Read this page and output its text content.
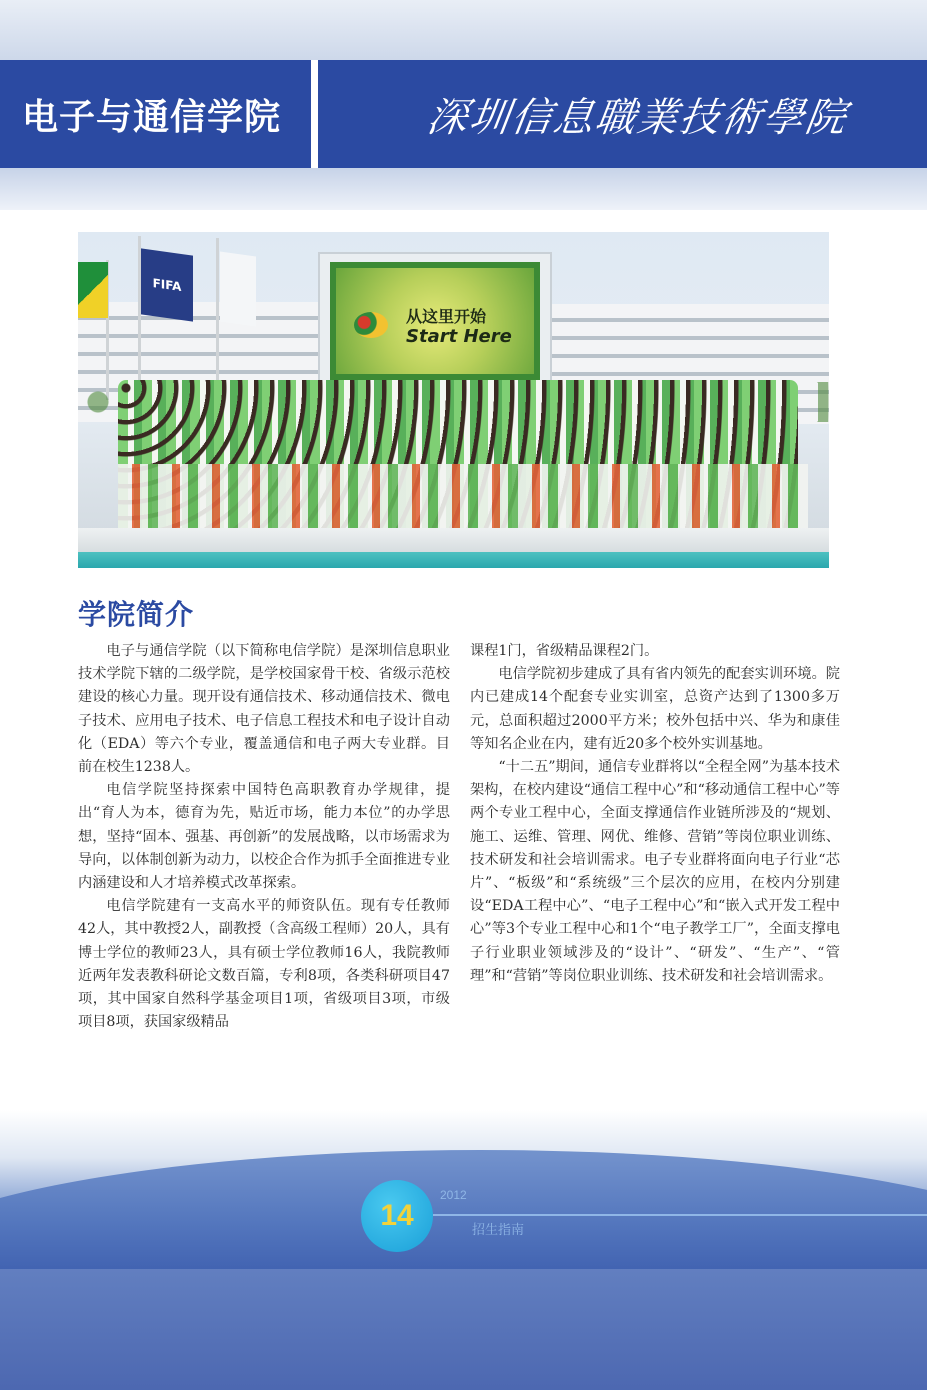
电子与通信学院	深圳信息職業技術學院
从这里开始
Start Here
FIFA
学院简介

电子与通信学院（以下简称电信学院）是深圳信息职业技术学院下辖的二级学院，是学校国家骨干校、省级示范校建设的核心力量。现开设有通信技术、移动通信技术、微电子技术、应用电子技术、电子信息工程技术和电子设计自动化（EDA）等六个专业，覆盖通信和电子两大专业群。目前在校生1238人。

电信学院坚持探索中国特色高职教育办学规律，提出“育人为本，德育为先，贴近市场，能力本位”的办学思想，坚持“固本、强基、再创新”的发展战略，以市场需求为导向，以体制创新为动力，以校企合作为抓手全面推进专业内涵建设和人才培养模式改革探索。

电信学院建有一支高水平的师资队伍。现有专任教师42人，其中教授2人，副教授（含高级工程师）20人，具有博士学位的教师23人，具有硕士学位教师16人，我院教师近两年发表教科研论文数百篇，专利8项，各类科研项目47项，其中国家自然科学基金项目1项，省级项目3项，市级项目8项，获国家级精品

课程1门，省级精品课程2门。

电信学院初步建成了具有省内领先的配套实训环境。院内已建成14个配套专业实训室，总资产达到了1300多万元，总面积超过2000平方米；校外包括中兴、华为和康佳等知名企业在内，建有近20多个校外实训基地。

“十二五”期间，通信专业群将以“全程全网”为基本技术架构，在校内建设“通信工程中心”和“移动通信工程中心”等两个专业工程中心，全面支撑通信作业链所涉及的“规划、施工、运维、管理、网优、维修、营销”等岗位职业训练、技术研发和社会培训需求。电子专业群将面向电子行业“芯片”、“板级”和“系统级”三个层次的应用，在校内分别建设“EDA工程中心”、“电子工程中心”和“嵌入式开发工程中心”等3个专业工程中心和1个“电子教学工厂”，全面支撑电子行业职业领域涉及的“设计”、“研发”、“生产”、“管理”和“营销”等岗位职业训练、技术研发和社会培训需求。

14
2012
招生指南
